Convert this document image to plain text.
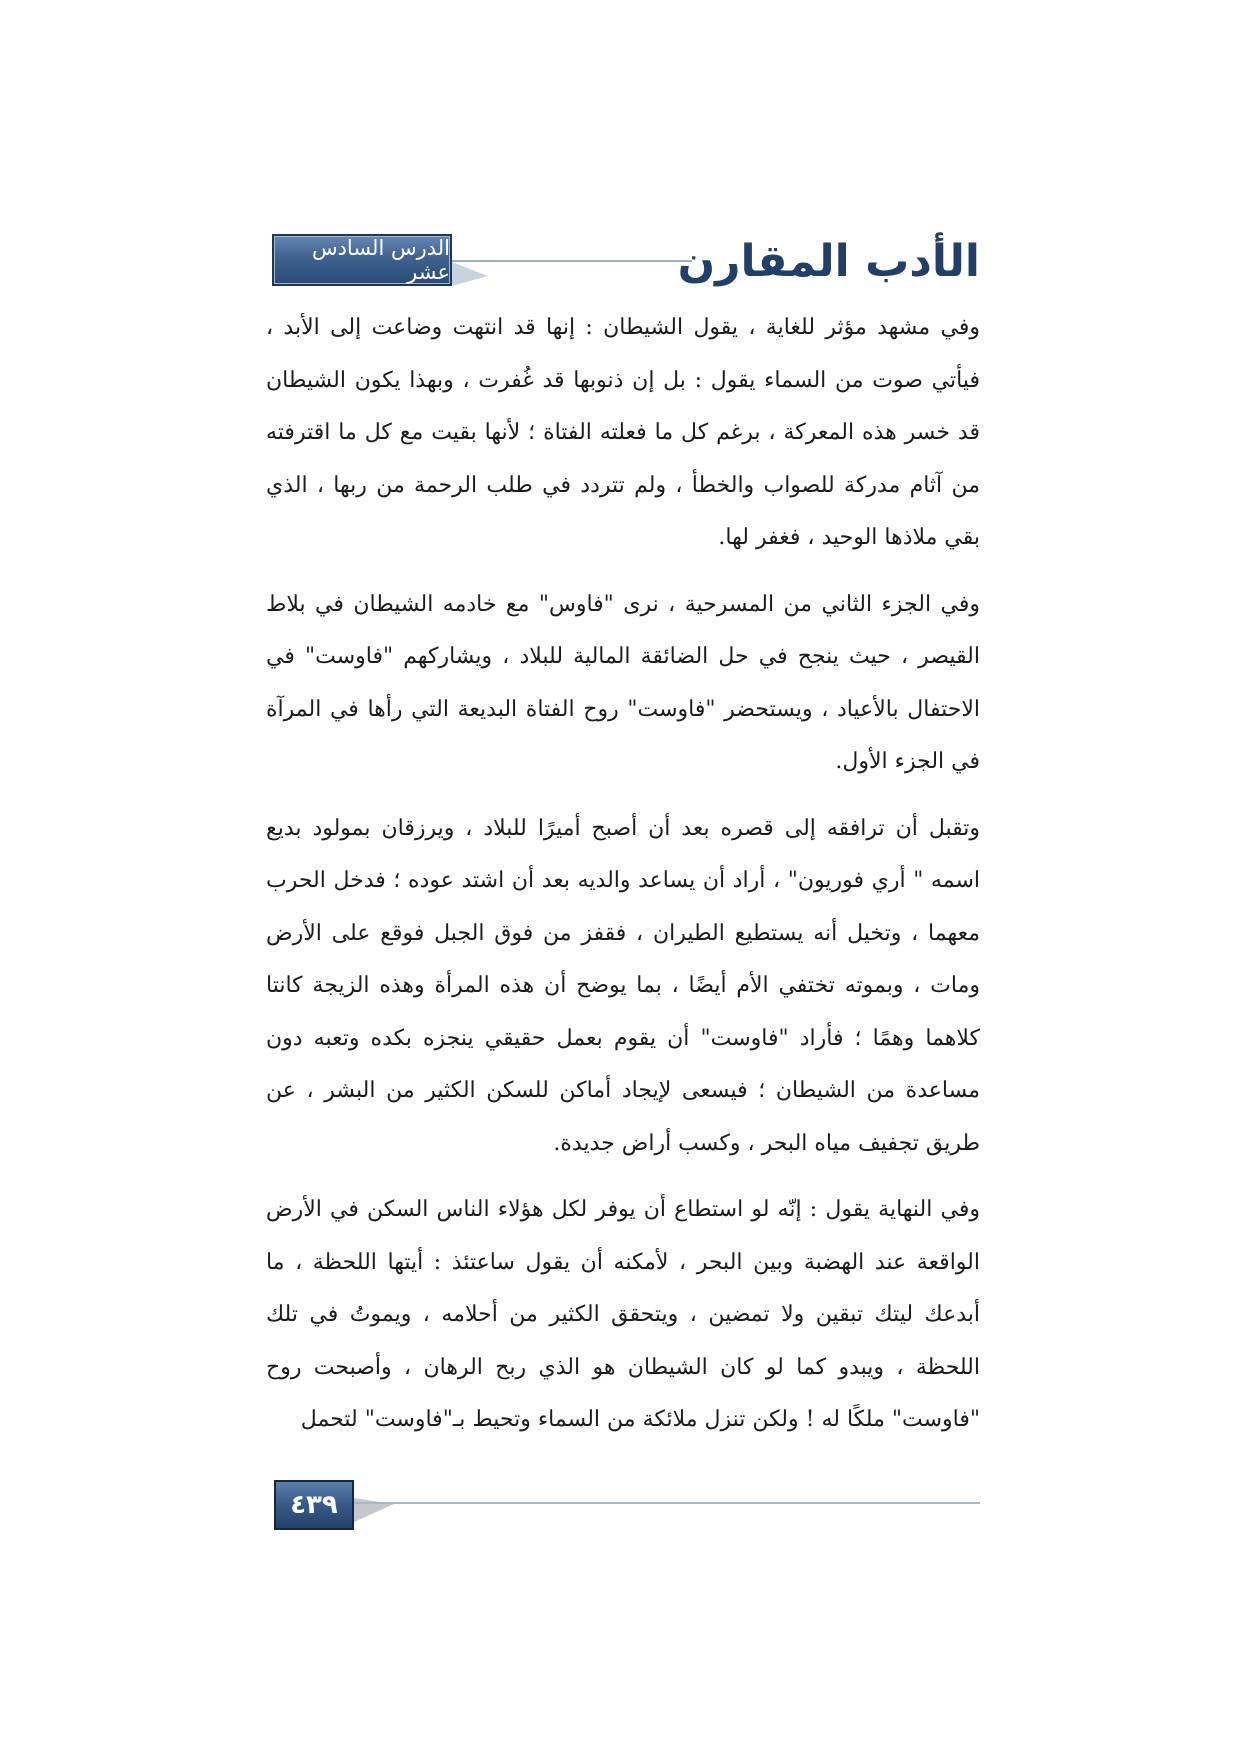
الدرس السادس عشر	الأدب المقارن

وفي مشهد مؤثر للغاية ، يقول الشيطان : إنها قد انتهت وضاعت إلى الأبد ، فيأتي صوت من السماء يقول : بل إن ذنوبها قد غُفرت ، وبهذا يكون الشيطان قد خسر هذه المعركة ، برغم كل ما فعلته الفتاة ؛ لأنها بقيت مع كل ما اقترفته من آثام مدركة للصواب والخطأ ، ولم تتردد في طلب الرحمة من ربها ، الذي بقي ملاذها الوحيد ، فغفر لها.

وفي الجزء الثاني من المسرحية ، نرى "فاوس" مع خادمه الشيطان في بلاط القيصر ، حيث ينجح في حل الضائقة المالية للبلاد ، ويشاركهم "فاوست" في الاحتفال بالأعياد ، ويستحضر "فاوست" روح الفتاة البديعة التي رأها في المرآة في الجزء الأول.

وتقبل أن ترافقه إلى قصره بعد أن أصبح أميرًا للبلاد ، ويرزقان بمولود بديع اسمه " أري فوريون" ، أراد أن يساعد والديه بعد أن اشتد عوده ؛ فدخل الحرب معهما ، وتخيل أنه يستطيع الطيران ، فقفز من فوق الجبل فوقع على الأرض ومات ، وبموته تختفي الأم أيضًا ، بما يوضح أن هذه المرأة وهذه الزيجة كانتا كلاهما وهمًا ؛ فأراد "فاوست" أن يقوم بعمل حقيقي ينجزه بكده وتعبه دون مساعدة من الشيطان ؛ فيسعى لإيجاد أماكن للسكن الكثير من البشر ، عن طريق تجفيف مياه البحر ، وكسب أراض جديدة.

وفي النهاية يقول : إنّه لو استطاع أن يوفر لكل هؤلاء الناس السكن في الأرض الواقعة عند الهضبة وبين البحر ، لأمكنه أن يقول ساعتئذ : أيتها اللحظة ، ما أبدعك ليتك تبقين ولا تمضين ، ويتحقق الكثير من أحلامه ، ويموتُ في تلك اللحظة ، ويبدو كما لو كان الشيطان هو الذي ربح الرهان ، وأصبحت روح "فاوست" ملكًا له ! ولكن تنزل ملائكة من السماء وتحيط بـ"فاوست" لتحمل

٤٣٩
